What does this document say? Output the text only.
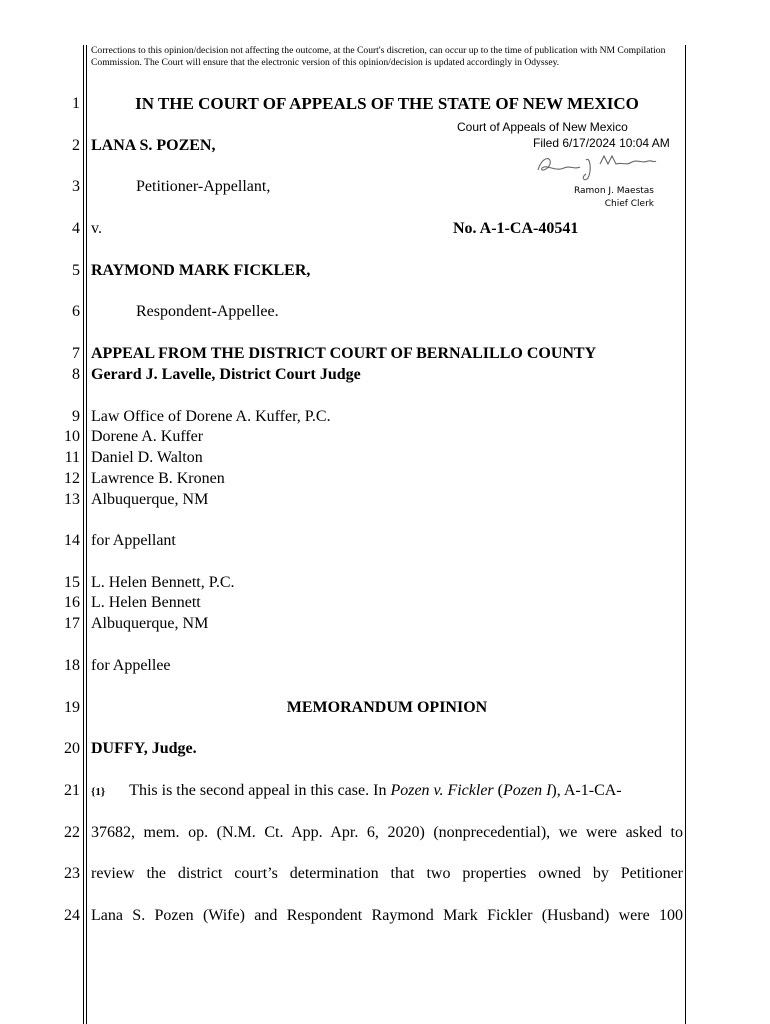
Corrections to this opinion/decision not affecting the outcome, at the Court's discretion, can occur up to the time of publication with NM Compilation Commission. The Court will ensure that the electronic version of this opinion/decision is updated accordingly in Odyssey.
1
2
3
4
5
6
7
8
9
10
11
12
13
14
15
16
17
18
19
20
21
22
23
24
IN THE COURT OF APPEALS OF THE STATE OF NEW MEXICO
Court of Appeals of New Mexico
Filed 6/17/2024 10:04 AM
Ramon J. Maestas
Chief Clerk
LANA S. POZEN,
Petitioner-Appellant,
v.	No. A-1-CA-40541
RAYMOND MARK FICKLER,
Respondent-Appellee.
APPEAL FROM THE DISTRICT COURT OF BERNALILLO COUNTY
Gerard J. Lavelle, District Court Judge
Law Office of Dorene A. Kuffer, P.C.
Dorene A. Kuffer
Daniel D. Walton
Lawrence B. Kronen
Albuquerque, NM
for Appellant
L. Helen Bennett, P.C.
L. Helen Bennett
Albuquerque, NM
for Appellee
MEMORANDUM OPINION
DUFFY, Judge.
{1} This is the second appeal in this case. In Pozen v. Fickler (Pozen I), A-1-CA-
37682, mem. op. (N.M. Ct. App. Apr. 6, 2020) (nonprecedential), we were asked to
review the district court’s determination that two properties owned by Petitioner
Lana S. Pozen (Wife) and Respondent Raymond Mark Fickler (Husband) were 100
